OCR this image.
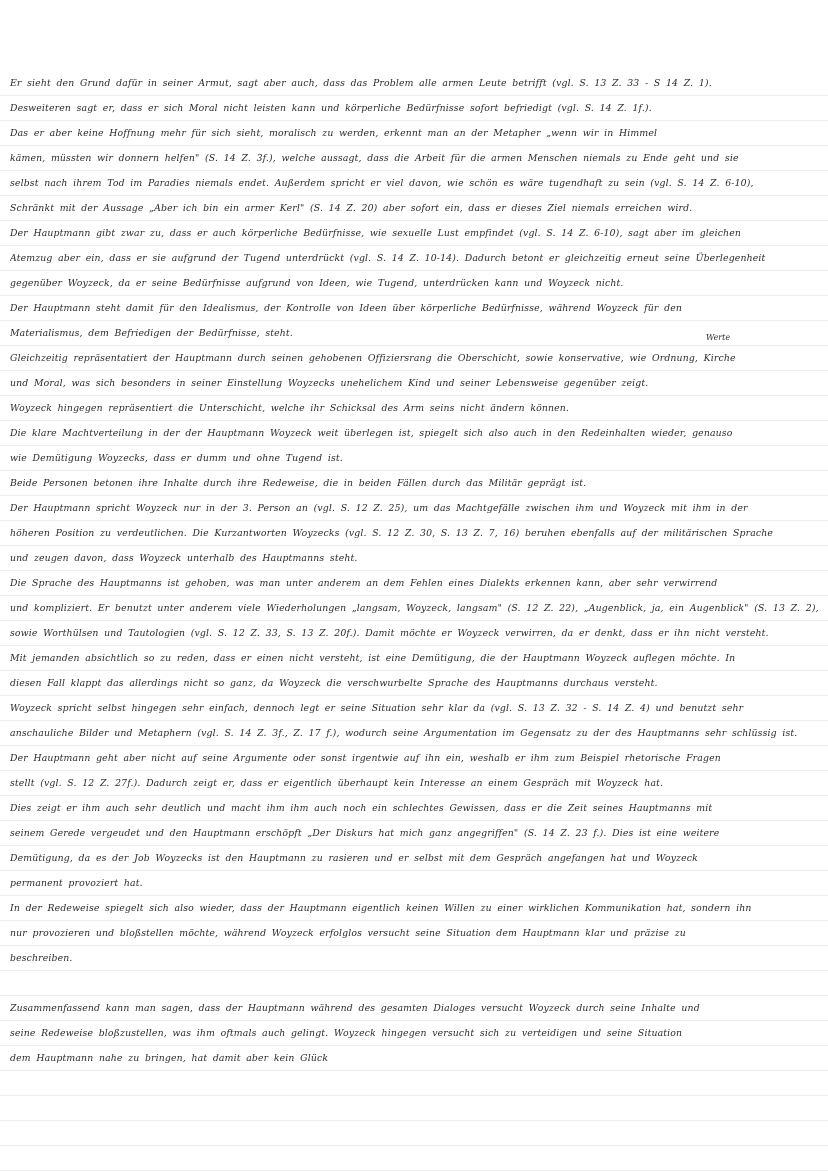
Er sieht den Grund dafür in seiner Armut, sagt aber auch, dass das Problem alle armen Leute betrifft (vgl. S. 13 Z. 33 - S 14 Z. 1).
Desweiteren sagt er, dass er sich Moral nicht leisten kann und körperliche Bedürfnisse sofort befriedigt (vgl. S. 14 Z. 1f.).
Das er aber keine Hoffnung mehr für sich sieht, moralisch zu werden, erkennt man an der Metapher „wenn wir in Himmel
kämen, müssten wir donnern helfen" (S. 14 Z. 3f.), welche aussagt, dass die Arbeit für die armen Menschen niemals zu Ende geht und sie
selbst nach ihrem Tod im Paradies niemals endet. Außerdem spricht er viel davon, wie schön es wäre tugendhaft zu sein (vgl. S. 14 Z. 6-10),
Schränkt mit der Aussage „Aber ich bin ein armer Kerl" (S. 14 Z. 20) aber sofort ein, dass er dieses Ziel niemals erreichen wird.
Der Hauptmann gibt zwar zu, dass er auch körperliche Bedürfnisse, wie sexuelle Lust empfindet (vgl. S. 14 Z. 6-10), sagt aber im gleichen
Atemzug aber ein, dass er sie aufgrund der Tugend unterdrückt (vgl. S. 14 Z. 10-14). Dadurch betont er gleichzeitig erneut seine Überlegenheit
gegenüber Woyzeck, da er seine Bedürfnisse aufgrund von Ideen, wie Tugend, unterdrücken kann und Woyzeck nicht.
Der Hauptmann steht damit für den Idealismus, der Kontrolle von Ideen über körperliche Bedürfnisse, während Woyzeck für den
Materialismus, dem Befriedigen der Bedürfnisse, steht.
Gleichzeitig repräsentatiert der Hauptmann durch seinen gehobenen Offiziersrang die Oberschicht, sowie konservative, wie Ordnung, Kirche
und Moral, was sich besonders in seiner Einstellung Woyzecks unehelichem Kind und seiner Lebensweise gegenüber zeigt.
Woyzeck hingegen repräsentiert die Unterschicht, welche ihr Schicksal des Arm seins nicht ändern können.
Die klare Machtverteilung in der der Hauptmann Woyzeck weit überlegen ist, spiegelt sich also auch in den Redeinhalten wieder, genauso
wie Demütigung Woyzecks, dass er dumm und ohne Tugend ist.
Beide Personen betonen ihre Inhalte durch ihre Redeweise, die in beiden Fällen durch das Militär geprägt ist.
Der Hauptmann spricht Woyzeck nur in der 3. Person an (vgl. S. 12 Z. 25), um das Machtgefälle zwischen ihm und Woyzeck mit ihm in der
höheren Position zu verdeutlichen. Die Kurzantworten Woyzecks (vgl. S. 12 Z. 30, S. 13 Z. 7, 16) beruhen ebenfalls auf der militärischen Sprache
und zeugen davon, dass Woyzeck unterhalb des Hauptmanns steht.
Die Sprache des Hauptmanns ist gehoben, was man unter anderem an dem Fehlen eines Dialekts erkennen kann, aber sehr verwirrend
und kompliziert. Er benutzt unter anderem viele Wiederholungen „langsam, Woyzeck, langsam" (S. 12 Z. 22), „Augenblick, ja, ein Augenblick" (S. 13 Z. 2),
sowie Worthülsen und Tautologien (vgl. S. 12 Z. 33, S. 13 Z. 20f.). Damit möchte er Woyzeck verwirren, da er denkt, dass er ihn nicht versteht.
Mit jemanden absichtlich so zu reden, dass er einen nicht versteht, ist eine Demütigung, die der Hauptmann Woyzeck auflegen möchte. In
diesen Fall klappt das allerdings nicht so ganz, da Woyzeck die verschwurbelte Sprache des Hauptmanns durchaus versteht.
Woyzeck spricht selbst hingegen sehr einfach, dennoch legt er seine Situation sehr klar da (vgl. S. 13 Z. 32 - S. 14 Z. 4) und benutzt sehr
anschauliche Bilder und Metaphern (vgl. S. 14 Z. 3f., Z. 17 f.), wodurch seine Argumentation im Gegensatz zu der des Hauptmanns sehr schlüssig ist.
Der Hauptmann geht aber nicht auf seine Argumente oder sonst irgentwie auf ihn ein, weshalb er ihm zum Beispiel rhetorische Fragen
stellt (vgl. S. 12 Z. 27f.). Dadurch zeigt er, dass er eigentlich überhaupt kein Interesse an einem Gespräch mit Woyzeck hat.
Dies zeigt er ihm auch sehr deutlich und macht ihm ihm auch noch ein schlechtes Gewissen, dass er die Zeit seines Hauptmanns mit
seinem Gerede vergeudet und den Hauptmann erschöpft „Der Diskurs hat mich ganz angegriffen" (S. 14 Z. 23 f.). Dies ist eine weitere
Demütigung, da es der Job Woyzecks ist den Hauptmann zu rasieren und er selbst mit dem Gespräch angefangen hat und Woyzeck
permanent provoziert hat.
In der Redeweise spiegelt sich also wieder, dass der Hauptmann eigentlich keinen Willen zu einer wirklichen Kommunikation hat, sondern ihn
nur provozieren und bloßstellen möchte, während Woyzeck erfolglos versucht seine Situation dem Hauptmann klar und präzise zu
beschreiben.
Zusammenfassend kann man sagen, dass der Hauptmann während des gesamten Dialoges versucht Woyzeck durch seine Inhalte und
seine Redeweise bloßzustellen, was ihm oftmals auch gelingt. Woyzeck hingegen versucht sich zu verteidigen und seine Situation
dem Hauptmann nahe zu bringen, hat damit aber kein Glück
Werte
